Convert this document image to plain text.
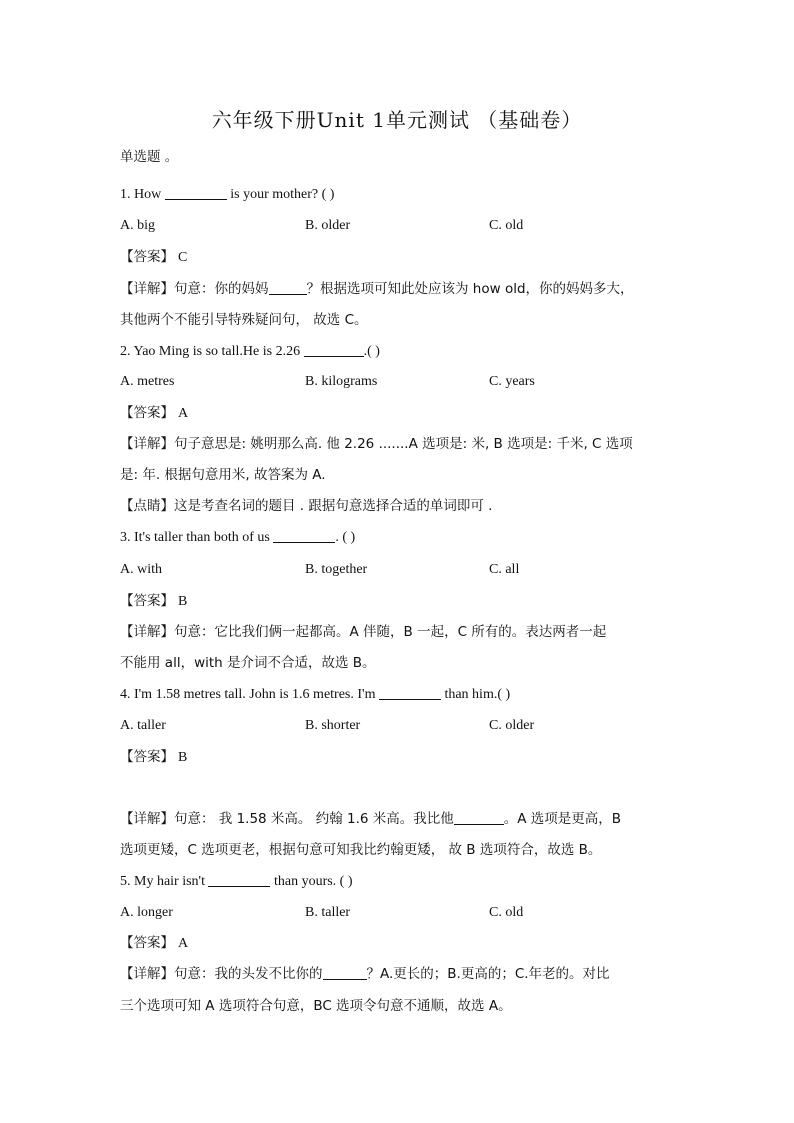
六年级下册Unit 1单元测试 （基础卷）
单选题 。
1. How	is your mother? ( )
A. big	B. older	C. old
【答案】 C
【详解】句意：你的妈妈	？根据选项可知此处应该为 how old，你的妈妈多大，
其他两个不能引导特殊疑问句， 故选 C。
2. Yao Ming is so tall.He is 2.26	.( )
A. metres	B. kilograms	C. years
【答案】 A
【详解】句子意思是: 姚明那么高. 他 2.26 .......A 选项是: 米, B 选项是: 千米, C 选项
是: 年. 根据句意用米, 故答案为 A.
【点睛】这是考查名词的题目 . 跟据句意选择合适的单词即可 .
3. It's taller than both of us	. ( )
A. with	B. together	C. all
【答案】 B
【详解】句意：它比我们俩一起都高。A 伴随，B 一起，C 所有的。表达两者一起
不能用 all，with 是介词不合适，故选 B。
4. I'm 1.58 metres tall. John is 1.6 metres. I'm	than him.( )
A. taller	B. shorter	C. older
【答案】 B
【详解】句意： 我 1.58 米高。 约翰 1.6 米高。我比他	。A 选项是更高，B
选项更矮，C 选项更老，根据句意可知我比约翰更矮， 故 B 选项符合，故选 B。
5. My hair isn't	than yours. ( )
A. longer	B. taller	C. old
【答案】 A
【详解】句意：我的头发不比你的	？A.更长的；B.更高的；C.年老的。对比
三个选项可知 A 选项符合句意，BC 选项令句意不通顺，故选 A。
